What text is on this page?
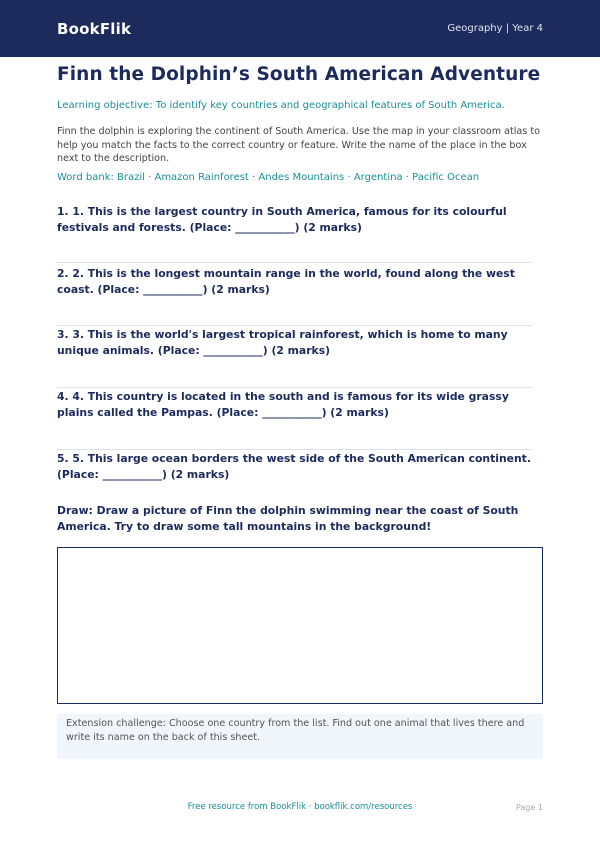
BookFlik	Geography | Year 4
Finn the Dolphin’s South American Adventure
Learning objective: To identify key countries and geographical features of South America.
Finn the dolphin is exploring the continent of South America. Use the map in your classroom atlas to help you match the facts to the correct country or feature. Write the name of the place in the box next to the description.
Word bank: Brazil · Amazon Rainforest · Andes Mountains · Argentina · Pacific Ocean
1. 1. This is the largest country in South America, famous for its colourful festivals and forests. (Place: ___________) (2 marks)
2. 2. This is the longest mountain range in the world, found along the west coast. (Place: ___________) (2 marks)
3. 3. This is the world's largest tropical rainforest, which is home to many unique animals. (Place: ___________) (2 marks)
4. 4. This country is located in the south and is famous for its wide grassy plains called the Pampas. (Place: ___________) (2 marks)
5. 5. This large ocean borders the west side of the South American continent. (Place: ___________) (2 marks)
Draw: Draw a picture of Finn the dolphin swimming near the coast of South America. Try to draw some tall mountains in the background!
Extension challenge: Choose one country from the list. Find out one animal that lives there and write its name on the back of this sheet.
Free resource from BookFlik · bookflik.com/resources	Page 1
